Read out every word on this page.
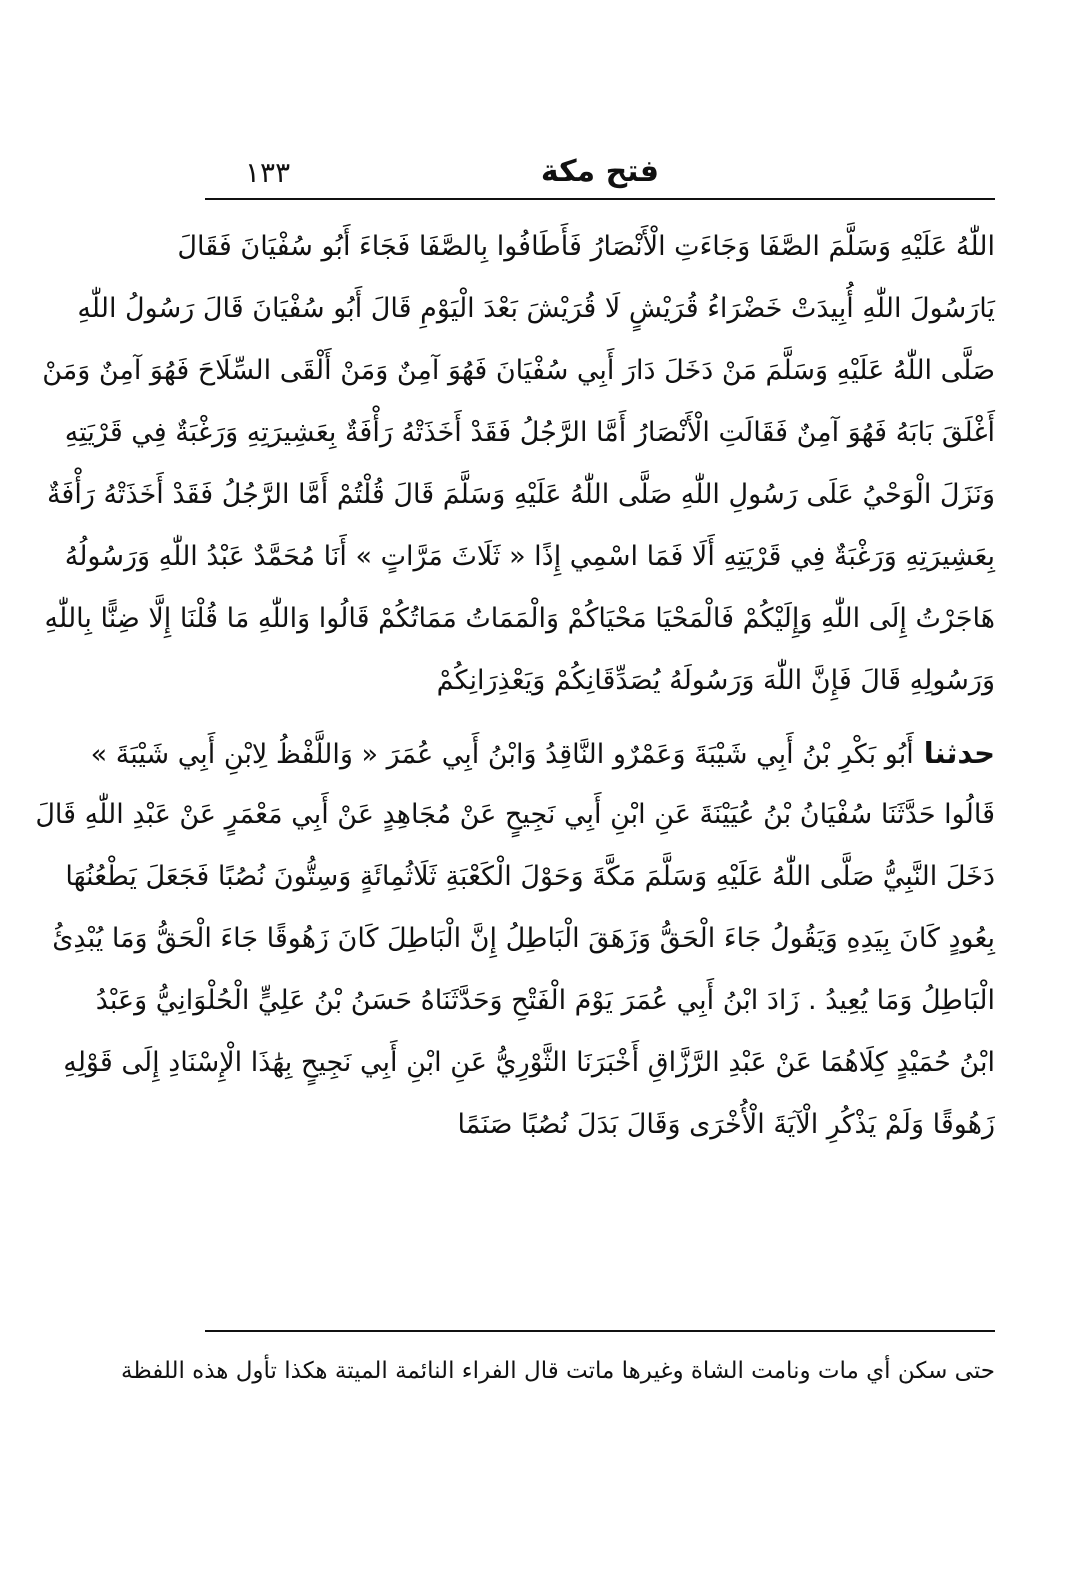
فتح مكة
١٣٣
اللّٰهُ عَلَيْهِ وَسَلَّمَ الصَّفَا وَجَاءَتِ الْأَنْصَارُ فَأَطَافُوا بِالصَّفَا فَجَاءَ أَبُو سُفْيَانَ فَقَالَ
يَارَسُولَ اللّٰهِ أُبِيدَتْ خَضْرَاءُ قُرَيْشٍ لَا قُرَيْشَ بَعْدَ الْيَوْمِ قَالَ أَبُو سُفْيَانَ قَالَ رَسُولُ اللّٰهِ
صَلَّى اللّٰهُ عَلَيْهِ وَسَلَّمَ مَنْ دَخَلَ دَارَ أَبِي سُفْيَانَ فَهُوَ آمِنٌ وَمَنْ أَلْقَى السِّلَاحَ فَهُوَ آمِنٌ وَمَنْ
أَغْلَقَ بَابَهُ فَهُوَ آمِنٌ فَقَالَتِ الْأَنْصَارُ أَمَّا الرَّجُلُ فَقَدْ أَخَذَتْهُ رَأْفَةٌ بِعَشِيرَتِهِ وَرَغْبَةٌ فِي قَرْيَتِهِ
وَنَزَلَ الْوَحْيُ عَلَى رَسُولِ اللّٰهِ صَلَّى اللّٰهُ عَلَيْهِ وَسَلَّمَ قَالَ قُلْتُمْ أَمَّا الرَّجُلُ فَقَدْ أَخَذَتْهُ رَأْفَةٌ
بِعَشِيرَتِهِ وَرَغْبَةٌ فِي قَرْيَتِهِ أَلَا فَمَا اسْمِي إِذًا « ثَلَاثَ مَرَّاتٍ » أَنَا مُحَمَّدٌ عَبْدُ اللّٰهِ وَرَسُولُهُ
هَاجَرْتُ إِلَى اللّٰهِ وَإِلَيْكُمْ فَالْمَحْيَا مَحْيَاكُمْ وَالْمَمَاتُ مَمَاتُكُمْ قَالُوا وَاللّٰهِ مَا قُلْنَا إِلَّا ضِنًّا بِاللّٰهِ
وَرَسُولِهِ قَالَ فَإِنَّ اللّٰهَ وَرَسُولَهُ يُصَدِّقَانِكُمْ وَيَعْذِرَانِكُمْ
حدثناأَبُو بَكْرِ بْنُ أَبِي شَيْبَةَ وَعَمْرٌو النَّاقِدُ وَابْنُ أَبِي عُمَرَ « وَاللَّفْظُ لِابْنِ أَبِي شَيْبَةَ »
قَالُوا حَدَّثَنَا سُفْيَانُ بْنُ عُيَيْنَةَ عَنِ ابْنِ أَبِي نَجِيحٍ عَنْ مُجَاهِدٍ عَنْ أَبِي مَعْمَرٍ عَنْ عَبْدِ اللّٰهِ قَالَ
دَخَلَ النَّبِيُّ صَلَّى اللّٰهُ عَلَيْهِ وَسَلَّمَ مَكَّةَ وَحَوْلَ الْكَعْبَةِ ثَلَاثُمِائَةٍ وَسِتُّونَ نُصُبًا فَجَعَلَ يَطْعُنُهَا
بِعُودٍ كَانَ بِيَدِهِ وَيَقُولُ جَاءَ الْحَقُّ وَزَهَقَ الْبَاطِلُ إِنَّ الْبَاطِلَ كَانَ زَهُوقًا جَاءَ الْحَقُّ وَمَا يُبْدِئُ
الْبَاطِلُ وَمَا يُعِيدُ . زَادَ ابْنُ أَبِي عُمَرَ يَوْمَ الْفَتْحِ وَحَدَّثَنَاهُ حَسَنُ بْنُ عَلِيٍّ الْحُلْوَانِيُّ وَعَبْدُ
ابْنُ حُمَيْدٍ كِلَاهُمَا عَنْ عَبْدِ الرَّزَّاقِ أَخْبَرَنَا الثَّوْرِيُّ عَنِ ابْنِ أَبِي نَجِيحٍ بِهَٰذَا الْإِسْنَادِ إِلَى قَوْلِهِ
زَهُوقًا وَلَمْ يَذْكُرِ الْآيَةَ الْأُخْرَى وَقَالَ بَدَلَ نُصُبًا صَنَمًا
حتى سكن أي مات ونامت الشاة وغيرها ماتت قال الفراء النائمة الميتة هكذا تأول هذه اللفظة
